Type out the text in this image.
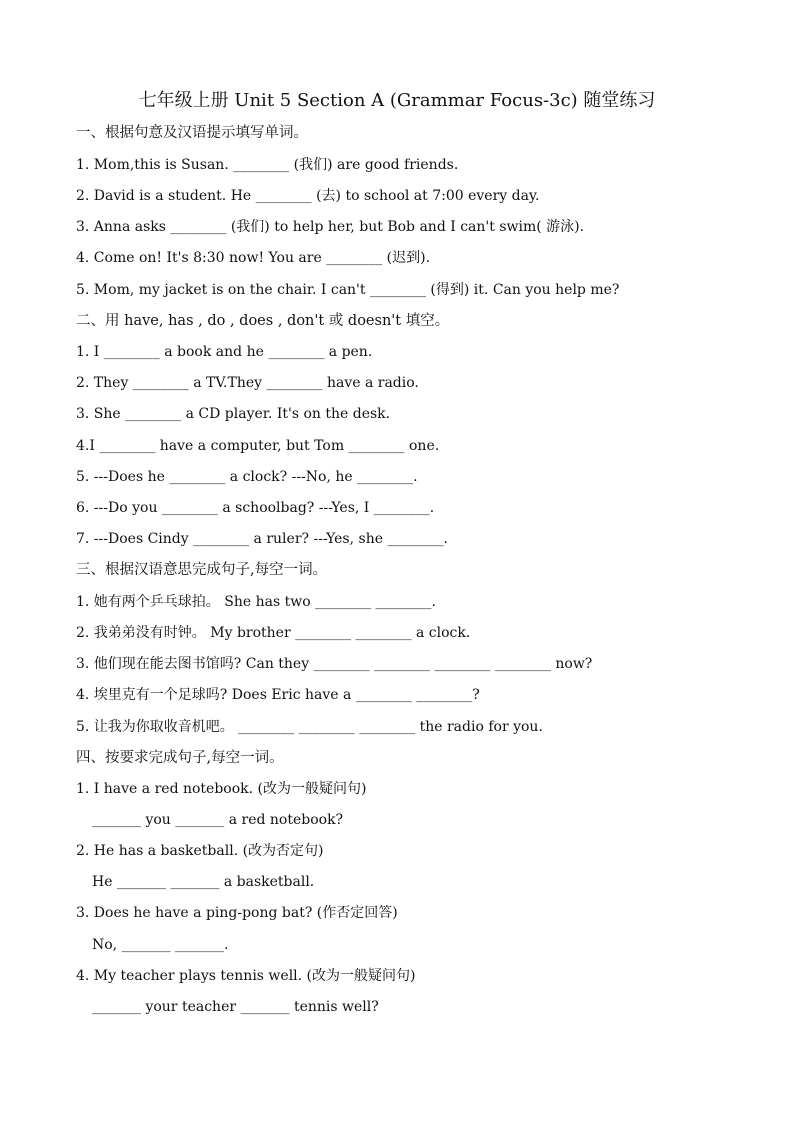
七年级上册 Unit 5 Section A (Grammar Focus-3c) 随堂练习
一、根据句意及汉语提示填写单词。
1. Mom,this is Susan. ________ (我们) are good friends.
2. David is a student. He ________ (去) to school at 7:00 every day.
3. Anna asks ________ (我们) to help her, but Bob and I can't swim( 游泳).
4. Come on! It's 8:30 now! You are ________ (迟到).
5. Mom, my jacket is on the chair. I can't ________ (得到) it. Can you help me?
二、用 have, has , do , does , don't 或 doesn't 填空。
1. I ________ a book and he ________ a pen.
2. They ________ a TV.They ________ have a radio.
3. She ________ a CD player. It's on the desk.
4.I ________ have a computer, but Tom ________ one.
5. ---Does he ________ a clock? ---No, he ________.
6. ---Do you ________ a schoolbag? ---Yes, I ________.
7. ---Does Cindy ________ a ruler? ---Yes, she ________.
三、根据汉语意思完成句子,每空一词。
1. 她有两个乒乓球拍。 She has two ________ ________.
2. 我弟弟没有时钟。 My brother ________ ________ a clock.
3. 他们现在能去图书馆吗? Can they ________ ________ ________ ________ now?
4. 埃里克有一个足球吗? Does Eric have a ________ ________?
5. 让我为你取收音机吧。 ________ ________ ________ the radio for you.
四、按要求完成句子,每空一词。
1. I have a red notebook. (改为一般疑问句)
_______ you _______ a red notebook?
2. He has a basketball. (改为否定句)
He _______ _______ a basketball.
3. Does he have a ping-pong bat? (作否定回答)
No, _______ _______.
4. My teacher plays tennis well. (改为一般疑问句)
_______ your teacher _______ tennis well?
